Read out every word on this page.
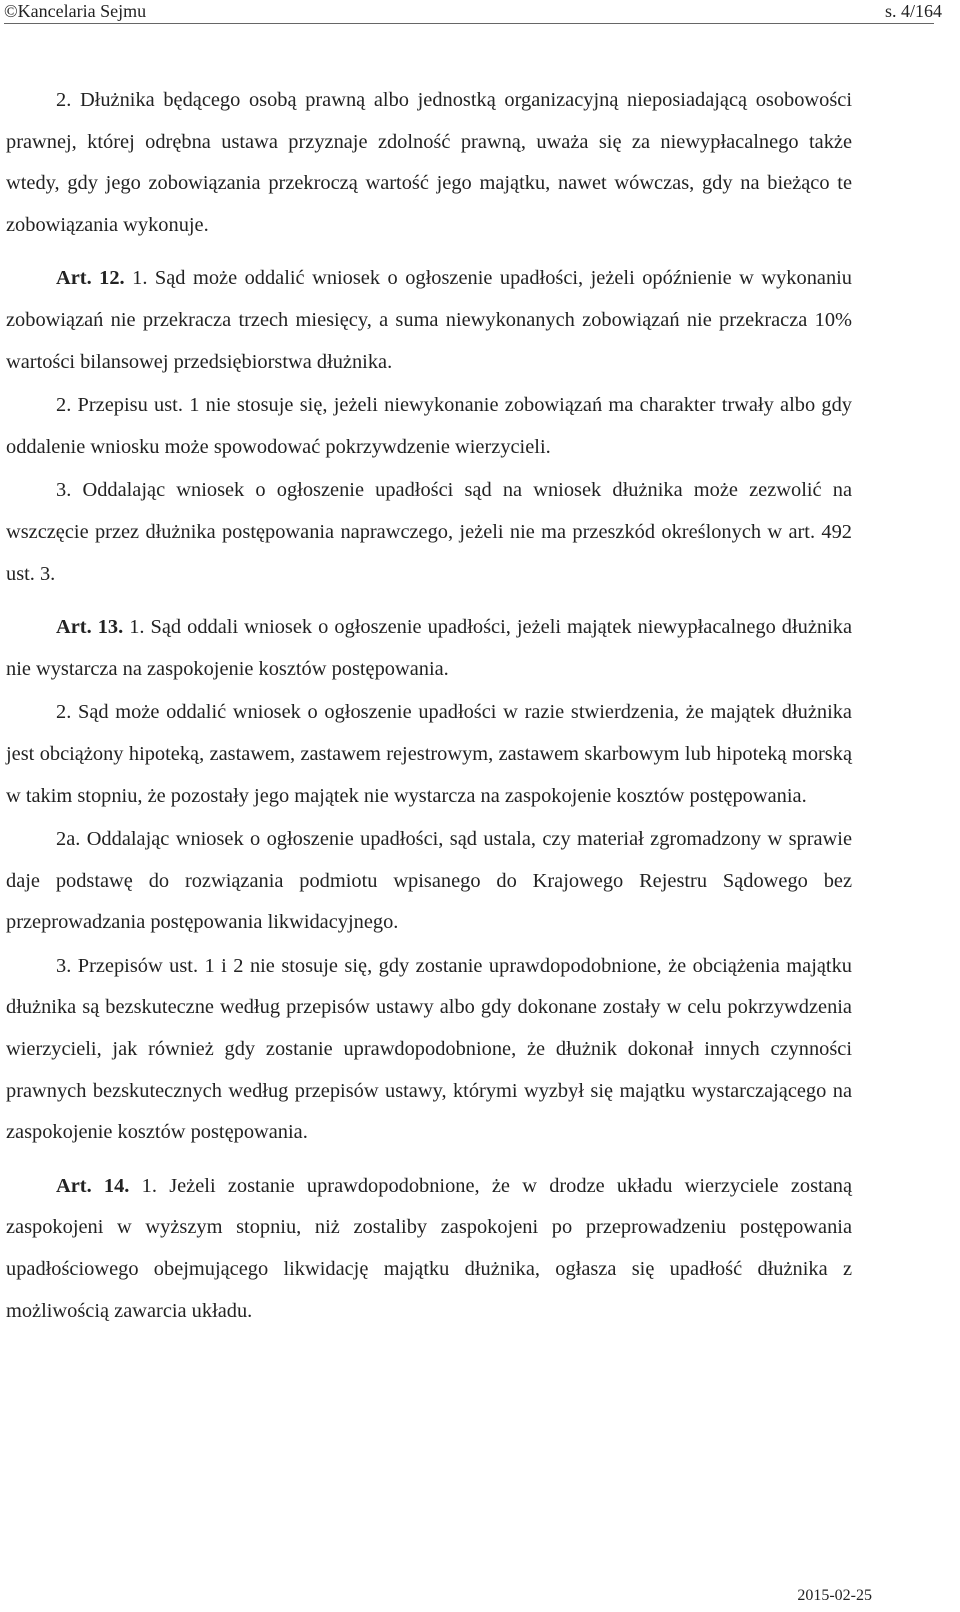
©Kancelaria Sejmu	s. 4/164

2. Dłużnika będącego osobą prawną albo jednostką organizacyjną nieposiadającą osobowości prawnej, której odrębna ustawa przyznaje zdolność prawną, uważa się za niewypłacalnego także wtedy, gdy jego zobowiązania przekroczą wartość jego majątku, nawet wówczas, gdy na bieżąco te zobowiązania wykonuje.

Art. 12. 1. Sąd może oddalić wniosek o ogłoszenie upadłości, jeżeli opóźnienie w wykonaniu zobowiązań nie przekracza trzech miesięcy, a suma niewykonanych zobowiązań nie przekracza 10% wartości bilansowej przedsiębiorstwa dłużnika.

2. Przepisu ust. 1 nie stosuje się, jeżeli niewykonanie zobowiązań ma charakter trwały albo gdy oddalenie wniosku może spowodować pokrzywdzenie wierzycieli.

3. Oddalając wniosek o ogłoszenie upadłości sąd na wniosek dłużnika może zezwolić na wszczęcie przez dłużnika postępowania naprawczego, jeżeli nie ma przeszkód określonych w art. 492 ust. 3.

Art. 13. 1. Sąd oddali wniosek o ogłoszenie upadłości, jeżeli majątek niewypłacalnego dłużnika nie wystarcza na zaspokojenie kosztów postępowania.

2. Sąd może oddalić wniosek o ogłoszenie upadłości w razie stwierdzenia, że majątek dłużnika jest obciążony hipoteką, zastawem, zastawem rejestrowym, zastawem skarbowym lub hipoteką morską w takim stopniu, że pozostały jego majątek nie wystarcza na zaspokojenie kosztów postępowania.

2a. Oddalając wniosek o ogłoszenie upadłości, sąd ustala, czy materiał zgromadzony w sprawie daje podstawę do rozwiązania podmiotu wpisanego do Krajowego Rejestru Sądowego bez przeprowadzania postępowania likwidacyjnego.

3. Przepisów ust. 1 i 2 nie stosuje się, gdy zostanie uprawdopodobnione, że obciążenia majątku dłużnika są bezskuteczne według przepisów ustawy albo gdy dokonane zostały w celu pokrzywdzenia wierzycieli, jak również gdy zostanie uprawdopodobnione, że dłużnik dokonał innych czynności prawnych bezskutecznych według przepisów ustawy, którymi wyzbył się majątku wystarczającego na zaspokojenie kosztów postępowania.

Art. 14. 1. Jeżeli zostanie uprawdopodobnione, że w drodze układu wierzyciele zostaną zaspokojeni w wyższym stopniu, niż zostaliby zaspokojeni po przeprowadzeniu postępowania upadłościowego obejmującego likwidację majątku dłużnika, ogłasza się upadłość dłużnika z możliwością zawarcia układu.

2015-02-25
